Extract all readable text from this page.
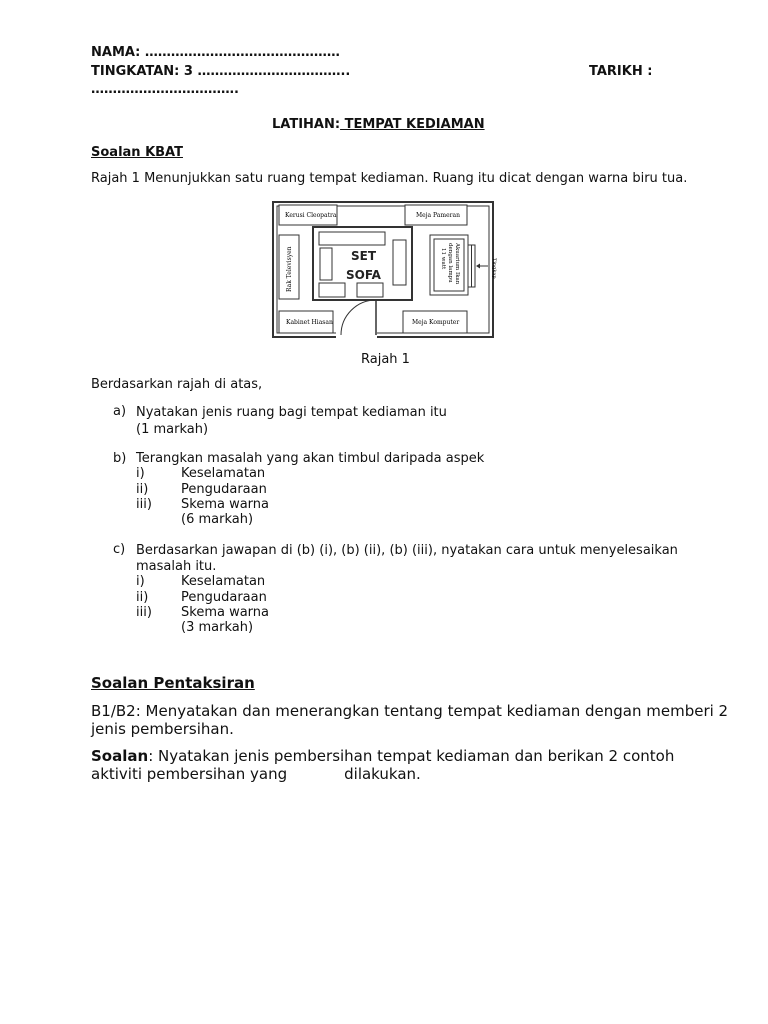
NAMA: ………………………………………
TINGKATAN: 3 ……………………………..	TARIKH :
…………………………….
LATIHAN: TEMPAT KEDIAMAN
Soalan KBAT
Rajah 1 Menunjukkan satu ruang tempat kediaman. Ruang itu dicat dengan warna biru tua.
Kerusi Cleopatra	Meja Pameran
Rak Televisyen	SET
SOFA	Akuarium Ikan
dengan lampu
11 watt	Tingkap
Kabinet Hiasan	Meja Komputer
Rajah 1
Berdasarkan rajah di atas,
a) Nyatakan jenis ruang bagi tempat kediaman itu
(1 markah)
b) Terangkan masalah yang akan timbul daripada aspek
i)	Keselamatan
ii)	Pengudaraan
iii) Skema warna
(6 markah)
c) Berdasarkan jawapan di (b) (i), (b) (ii), (b) (iii), nyatakan cara untuk menyelesaikan
masalah itu.
i)	Keselamatan
ii)	Pengudaraan
iii) Skema warna
(3 markah)
Soalan Pentaksiran
B1/B2: Menyatakan dan menerangkan tentang tempat kediaman dengan memberi 2
jenis pembersihan.
Soalan: Nyatakan jenis pembersihan tempat kediaman dan berikan 2 contoh
aktiviti pembersihan yang	dilakukan.
